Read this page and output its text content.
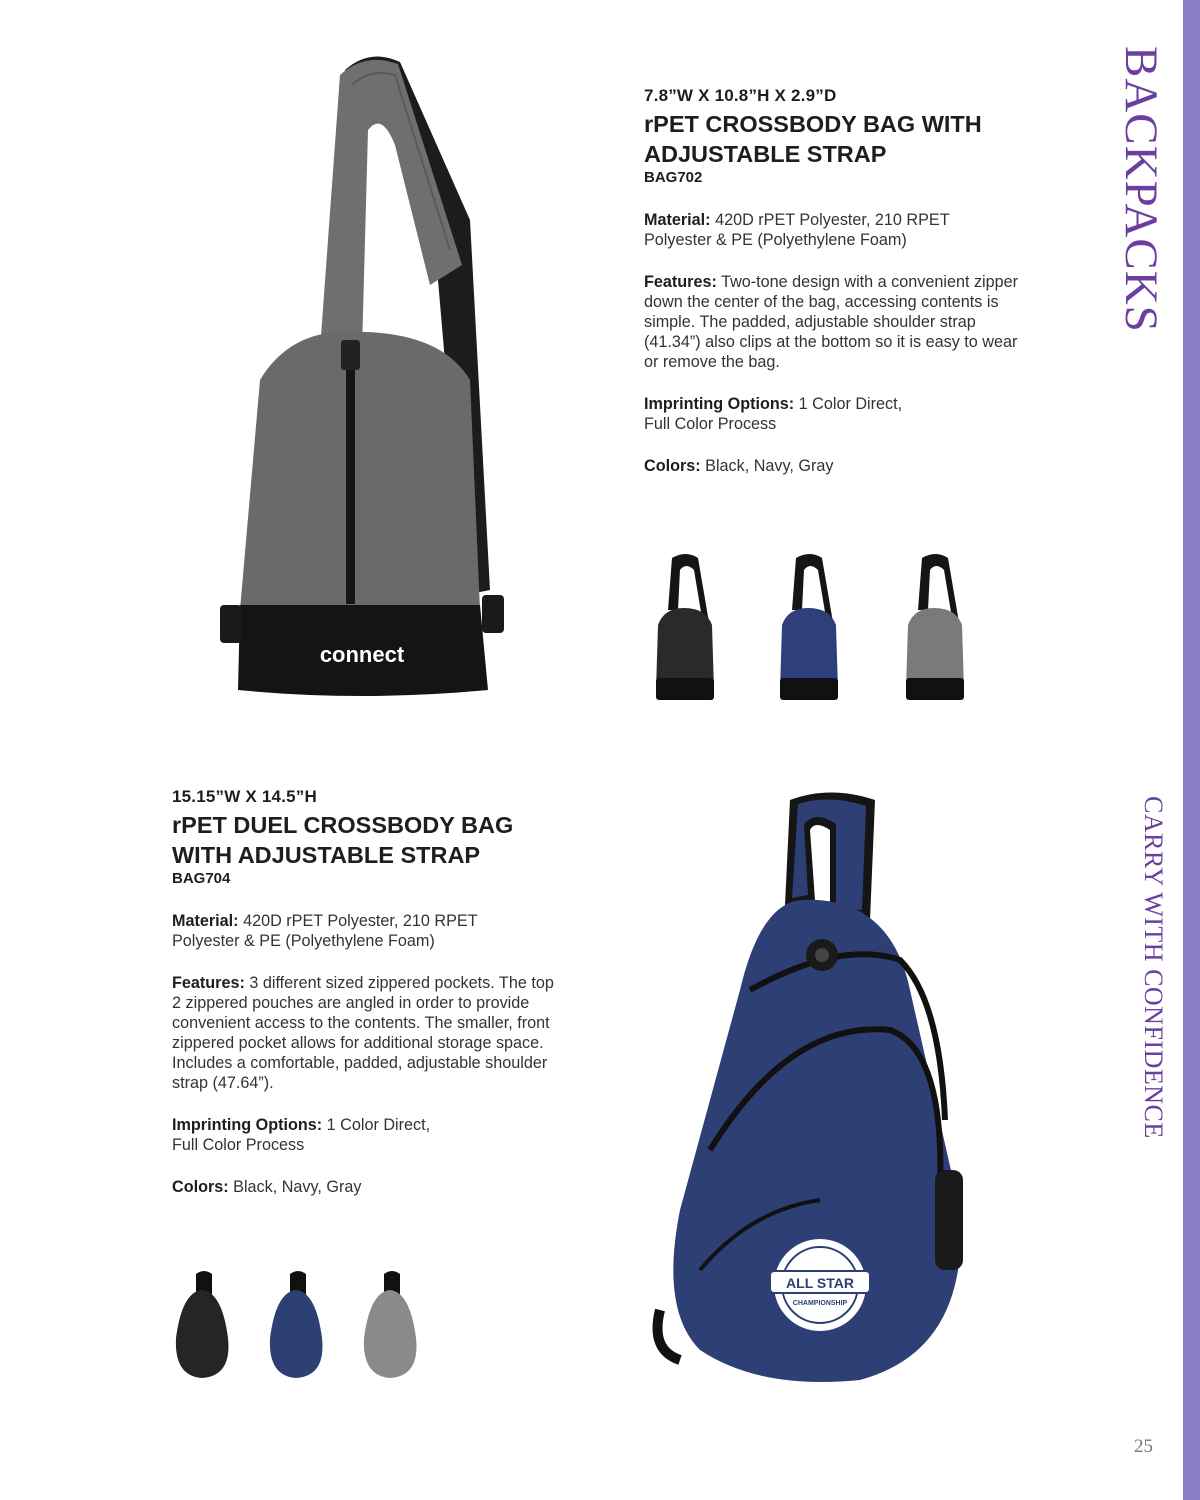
BACKPACKS
CARRY WITH CONFIDENCE
25
connect
7.8”W X 10.8”H X 2.9”D
rPET CROSSBODY BAG WITH
ADJUSTABLE STRAP
BAG702
Material: 420D rPET Polyester, 210 RPET
Polyester & PE (Polyethylene Foam)
Features: Two-tone design with a convenient zipper down the center of the bag, accessing contents is simple. The padded, adjustable shoulder strap (41.34”) also clips at the bottom so it is easy to wear or remove the bag.
Imprinting Options: 1 Color Direct,
Full Color Process
Colors: Black, Navy, Gray
15.15”W X 14.5”H
rPET DUEL CROSSBODY BAG
WITH ADJUSTABLE STRAP
BAG704
Material: 420D rPET Polyester, 210 RPET
Polyester & PE (Polyethylene Foam)
Features: 3 different sized zippered pockets. The top 2 zippered pouches are angled in order to provide convenient access to the contents. The smaller, front zippered pocket allows for additional storage space. Includes a comfortable, padded, adjustable shoulder strap (47.64”).
Imprinting Options: 1 Color Direct,
Full Color Process
Colors: Black, Navy, Gray
ALL STAR
CHAMPIONSHIP
